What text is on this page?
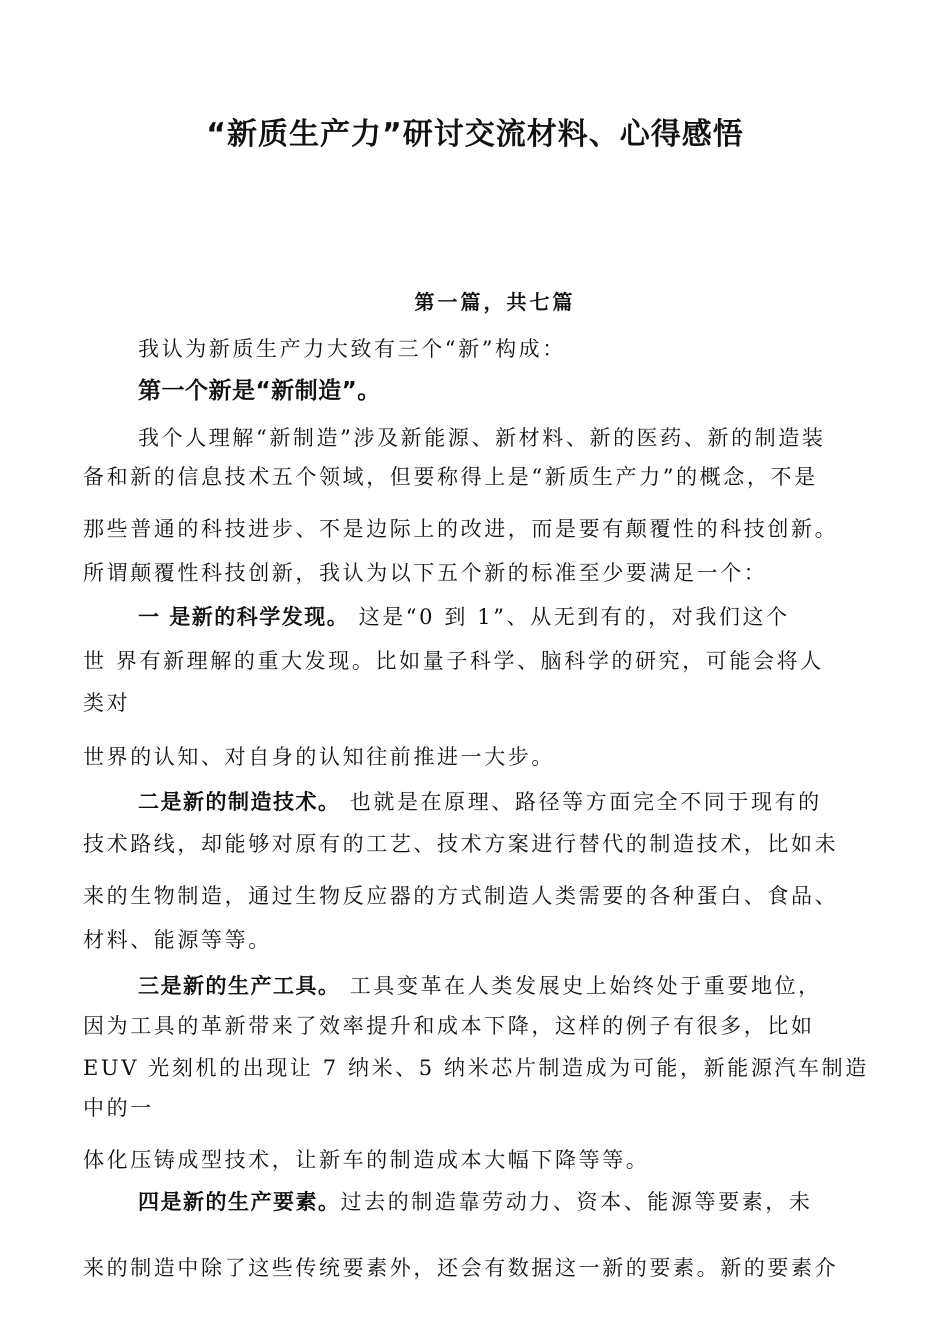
“新质生产力”研讨交流材料、心得感悟
第一篇，共七篇
我认为新质生产力大致有三个“新”构成：
第一个新是“新制造”。
我个人理解“新制造”涉及新能源、新材料、新的医药、新的制造装
备和新的信息技术五个领域，但要称得上是“新质生产力”的概念，不是
那些普通的科技进步、不是边际上的改进，而是要有颠覆性的科技创新。
所谓颠覆性科技创新，我认为以下五个新的标准至少要满足一个：
一 是新的科学发现。 这是“0 到 1”、从无到有的，对我们这个
世 界有新理解的重大发现。比如量子科学、脑科学的研究，可能会将人
类对
世界的认知、对自身的认知往前推进一大步。
二是新的制造技术。 也就是在原理、路径等方面完全不同于现有的
技术路线，却能够对原有的工艺、技术方案进行替代的制造技术，比如未
来的生物制造，通过生物反应器的方式制造人类需要的各种蛋白、食品、
材料、能源等等。
三是新的生产工具。 工具变革在人类发展史上始终处于重要地位，
因为工具的革新带来了效率提升和成本下降，这样的例子有很多，比如
EUV 光刻机的出现让 7 纳米、5 纳米芯片制造成为可能，新能源汽车制造
中的一
体化压铸成型技术，让新车的制造成本大幅下降等等。
四是新的生产要素。过去的制造靠劳动力、资本、能源等要素，未
来的制造中除了这些传统要素外，还会有数据这一新的要素。新的要素介
